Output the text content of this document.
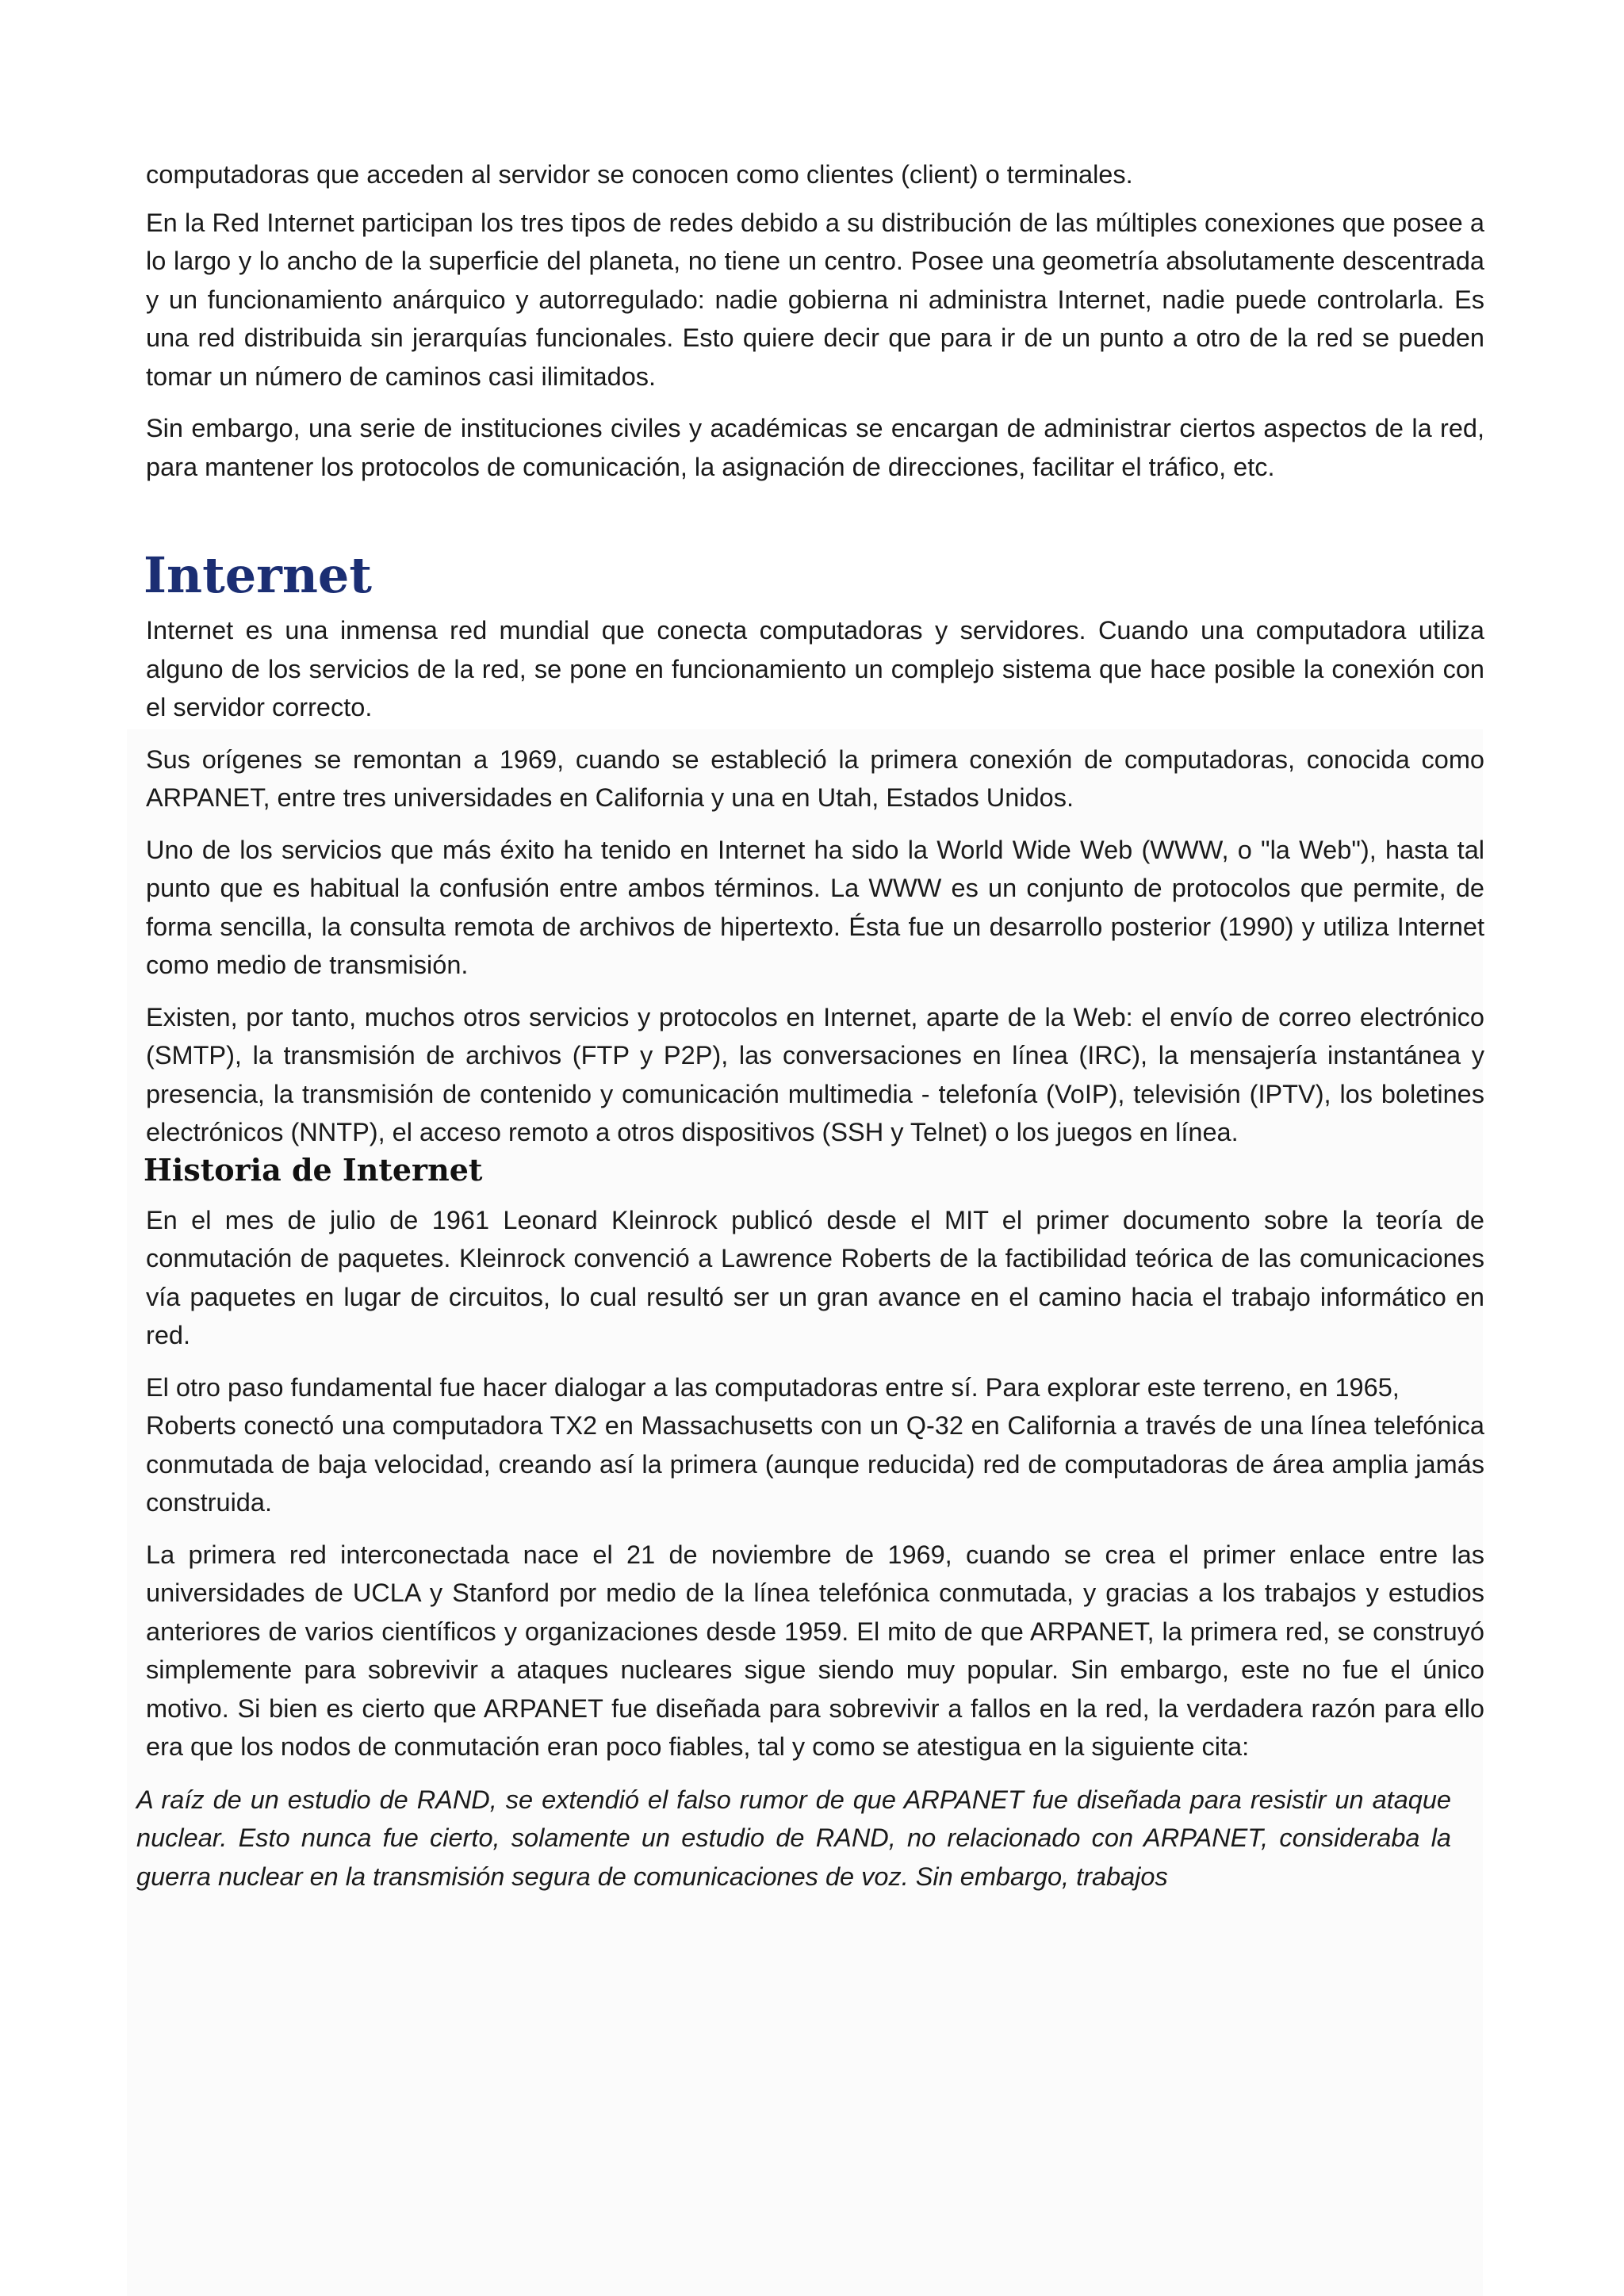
computadoras que acceden al servidor se conocen como clientes (client) o terminales.

En la Red Internet participan los tres tipos de redes debido a su distribución de las múltiples conexiones que posee a lo largo y lo ancho de la superficie del planeta, no tiene un centro. Posee una geometría absolutamente descentrada y un funcionamiento anárquico y autorregulado: nadie gobierna ni administra Internet, nadie puede controlarla. Es una red distribuida sin jerarquías funcionales. Esto quiere decir que para ir de un punto a otro de la red se pueden tomar un número de caminos casi ilimitados.

Sin embargo, una serie de instituciones civiles y académicas se encargan de administrar ciertos aspectos de la red, para mantener los protocolos de comunicación, la asignación de direcciones, facilitar el tráfico, etc.

Internet

Internet es una inmensa red mundial que conecta computadoras y servidores. Cuando una computadora utiliza alguno de los servicios de la red, se pone en funcionamiento un complejo sistema que hace posible la conexión con el servidor correcto.

Sus orígenes se remontan a 1969, cuando se estableció la primera conexión de computadoras, conocida como ARPANET, entre tres universidades en California y una en Utah, Estados Unidos.

Uno de los servicios que más éxito ha tenido en Internet ha sido la World Wide Web (WWW, o "la Web"), hasta tal punto que es habitual la confusión entre ambos términos. La WWW es un conjunto de protocolos que permite, de forma sencilla, la consulta remota de archivos de hipertexto. Ésta fue un desarrollo posterior (1990) y utiliza Internet como medio de transmisión.

Existen, por tanto, muchos otros servicios y protocolos en Internet, aparte de la Web: el envío de correo electrónico (SMTP), la transmisión de archivos (FTP y P2P), las conversaciones en línea (IRC), la mensajería instantánea y presencia, la transmisión de contenido y comunicación multimedia - telefonía (VoIP), televisión (IPTV), los boletines electrónicos (NNTP), el acceso remoto a otros dispositivos (SSH y Telnet) o los juegos en línea.

Historia de Internet

En el mes de julio de 1961 Leonard Kleinrock publicó desde el MIT el primer documento sobre la teoría de conmutación de paquetes. Kleinrock convenció a Lawrence Roberts de la factibilidad teórica de las comunicaciones vía paquetes en lugar de circuitos, lo cual resultó ser un gran avance en el camino hacia el trabajo informático en red.

El otro paso fundamental fue hacer dialogar a las computadoras entre sí. Para explorar este terreno, en 1965,

Roberts conectó una computadora TX2 en Massachusetts con un Q-32 en California a través de una línea telefónica conmutada de baja velocidad, creando así la primera (aunque reducida) red de computadoras de área amplia jamás construida.

La primera red interconectada nace el 21 de noviembre de 1969, cuando se crea el primer enlace entre las universidades de UCLA y Stanford por medio de la línea telefónica conmutada, y gracias a los trabajos y estudios anteriores de varios científicos y organizaciones desde 1959. El mito de que ARPANET, la primera red, se construyó simplemente para sobrevivir a ataques nucleares sigue siendo muy popular. Sin embargo, este no fue el único motivo. Si bien es cierto que ARPANET fue diseñada para sobrevivir a fallos en la red, la verdadera razón para ello era que los nodos de conmutación eran poco fiables, tal y como se atestigua en la siguiente cita:

A raíz de un estudio de RAND, se extendió el falso rumor de que ARPANET fue diseñada para resistir un ataque nuclear. Esto nunca fue cierto, solamente un estudio de RAND, no relacionado con ARPANET, consideraba la guerra nuclear en la transmisión segura de comunicaciones de voz. Sin embargo, trabajos
